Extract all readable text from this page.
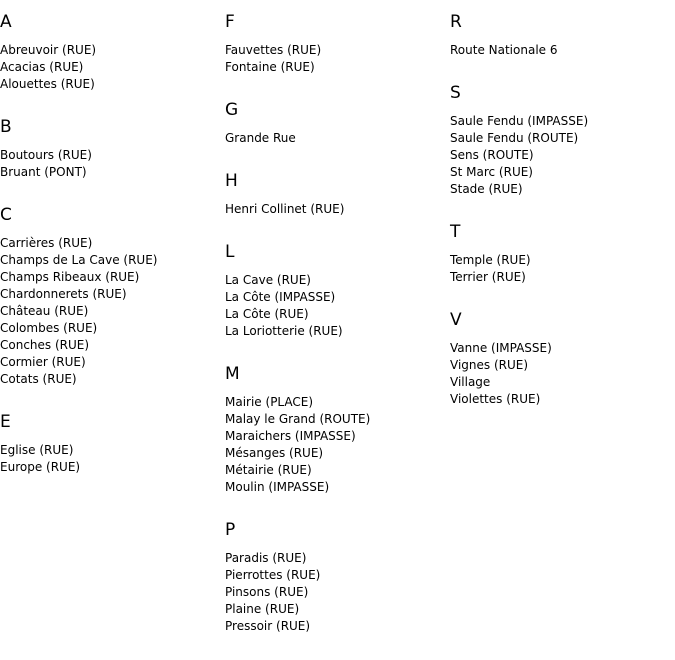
A
Abreuvoir (RUE)
Acacias (RUE)
Alouettes (RUE)
B
Boutours (RUE)
Bruant (PONT)
C
Carrières (RUE)
Champs de La Cave (RUE)
Champs Ribeaux (RUE)
Chardonnerets (RUE)
Château (RUE)
Colombes (RUE)
Conches (RUE)
Cormier (RUE)
Cotats (RUE)
E
Eglise (RUE)
Europe (RUE)
F
Fauvettes (RUE)
Fontaine (RUE)
G
Grande Rue
H
Henri Collinet (RUE)
L
La Cave (RUE)
La Côte (IMPASSE)
La Côte (RUE)
La Loriotterie (RUE)
M
Mairie (PLACE)
Malay le Grand (ROUTE)
Maraichers (IMPASSE)
Mésanges (RUE)
Métairie (RUE)
Moulin (IMPASSE)
P
Paradis (RUE)
Pierrottes (RUE)
Pinsons (RUE)
Plaine (RUE)
Pressoir (RUE)
R
Route Nationale 6
S
Saule Fendu (IMPASSE)
Saule Fendu (ROUTE)
Sens (ROUTE)
St Marc (RUE)
Stade (RUE)
T
Temple (RUE)
Terrier (RUE)
V
Vanne (IMPASSE)
Vignes (RUE)
Village
Violettes (RUE)
